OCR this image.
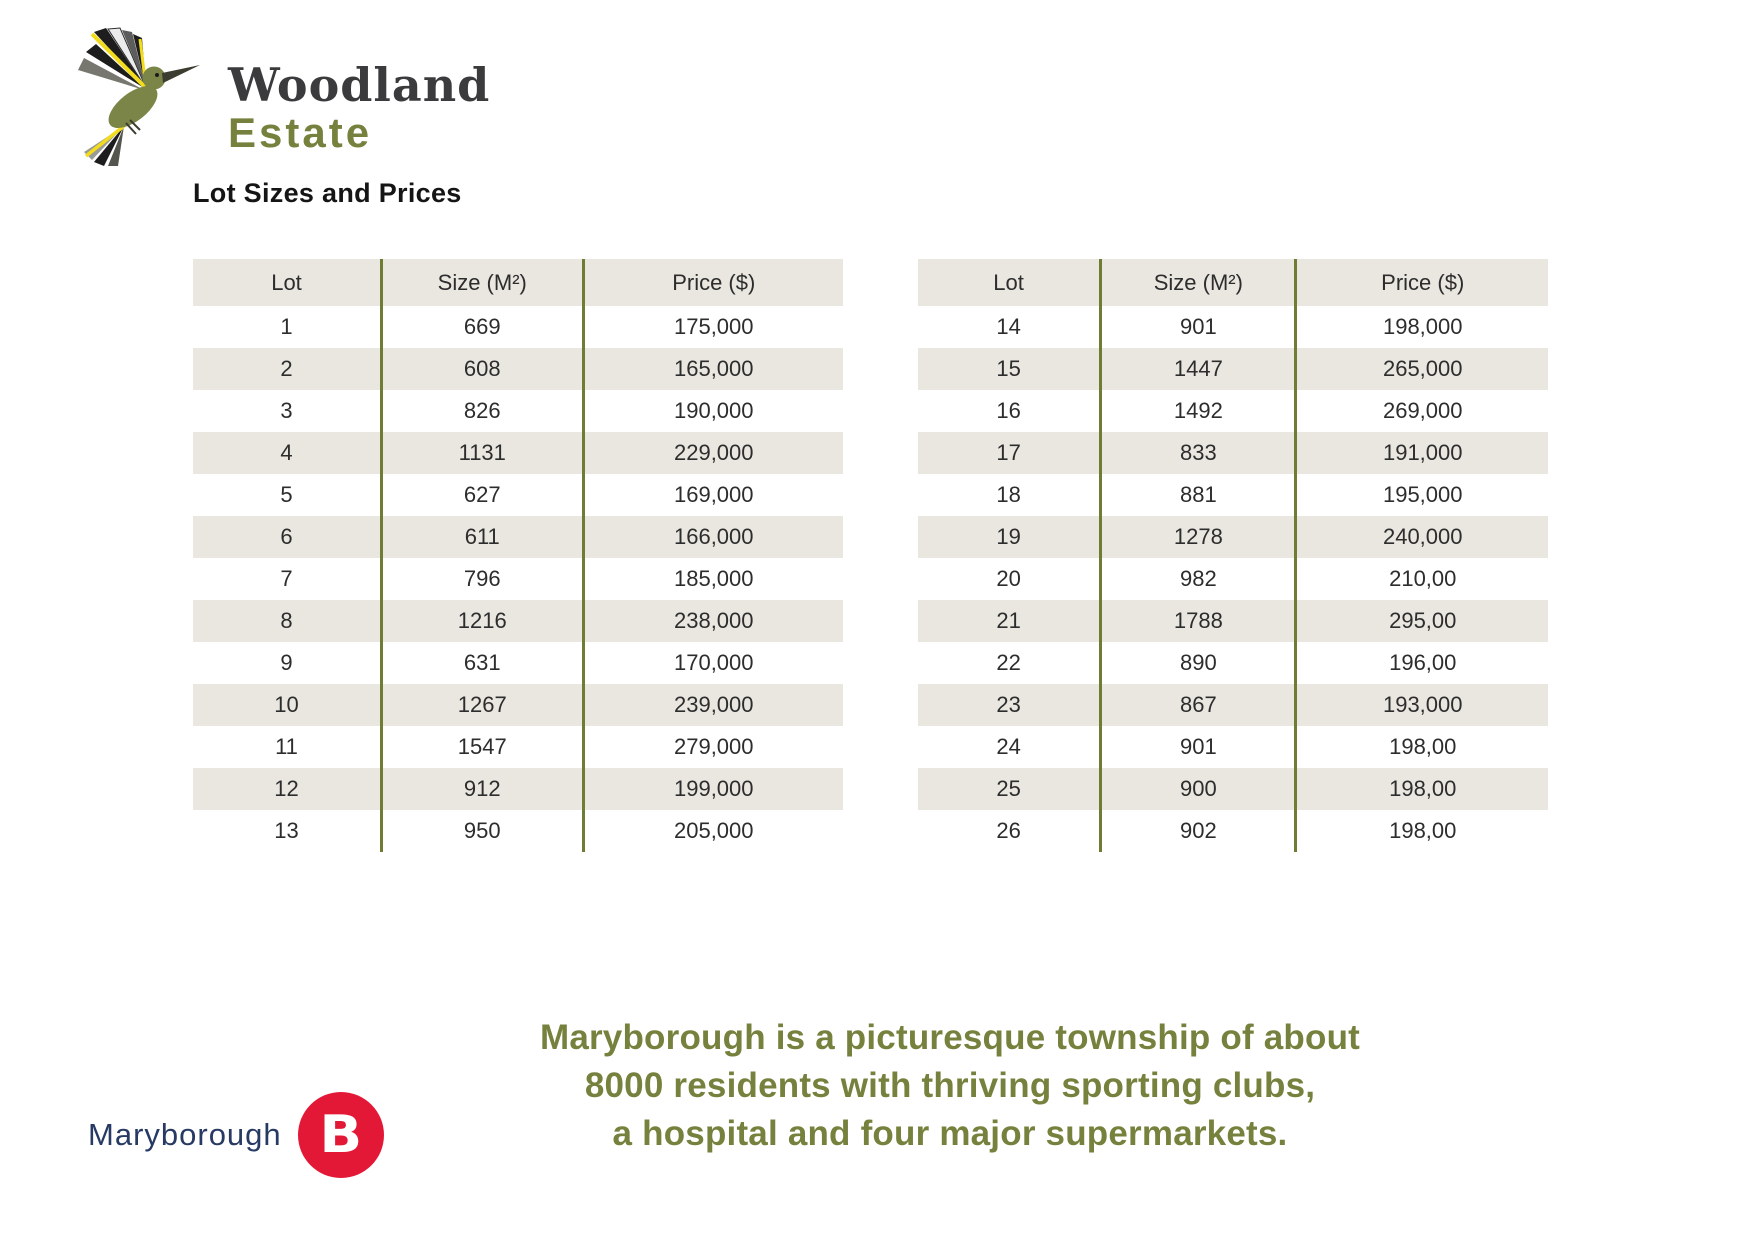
Woodland
Estate
Lot Sizes and Prices
Lot	Size (M²)	Price ($)
1	669	175,000
2	608	165,000
3	826	190,000
4	1131	229,000
5	627	169,000
6	611	166,000
7	796	185,000
8	1216	238,000
9	631	170,000
10	1267	239,000
11	1547	279,000
12	912	199,000
13	950	205,000
Lot	Size (M²)	Price ($)
14	901	198,000
15	1447	265,000
16	1492	269,000
17	833	191,000
18	881	195,000
19	1278	240,000
20	982	210,00
21	1788	295,00
22	890	196,00
23	867	193,000
24	901	198,00
25	900	198,00
26	902	198,00
Maryborough B
Maryborough is a picturesque township of about
8000 residents with thriving sporting clubs,
a hospital and four major supermarkets.
